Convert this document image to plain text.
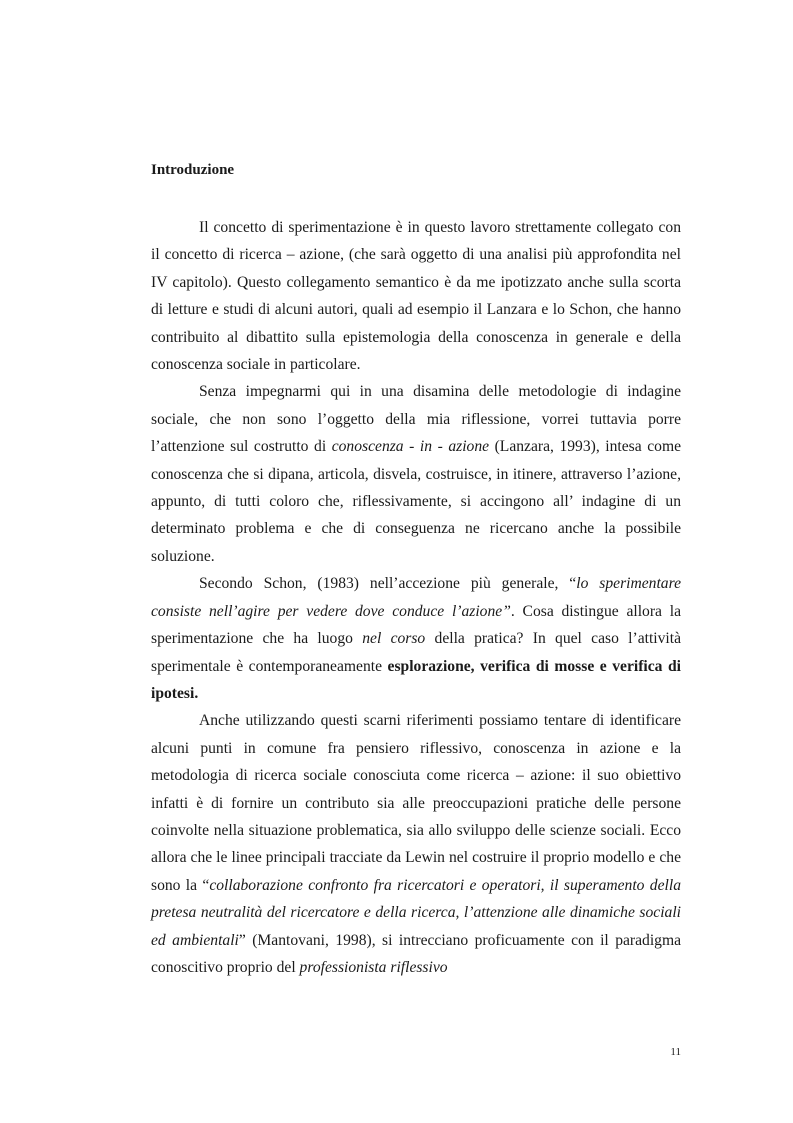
Introduzione

Il concetto di sperimentazione è in questo lavoro strettamente collegato con il concetto di ricerca – azione, (che sarà oggetto di una analisi più approfondita nel IV capitolo). Questo collegamento semantico è da me ipotizzato anche sulla scorta di letture e studi di alcuni autori, quali ad esempio il Lanzara e lo Schon, che hanno contribuito al dibattito sulla epistemologia della conoscenza in generale e della conoscenza sociale in particolare.

Senza impegnarmi qui in una disamina delle metodologie di indagine sociale, che non sono l’oggetto della mia riflessione, vorrei tuttavia porre l’attenzione sul costrutto di conoscenza - in - azione (Lanzara, 1993), intesa come conoscenza che si dipana, articola, disvela, costruisce, in itinere, attraverso l’azione, appunto, di tutti coloro che, riflessivamente, si accingono all’ indagine di un determinato problema e che di conseguenza ne ricercano anche la possibile soluzione.

Secondo Schon, (1983) nell’accezione più generale, “lo sperimentare consiste nell’agire per vedere dove conduce l’azione”. Cosa distingue allora la sperimentazione che ha luogo nel corso della pratica? In quel caso l’attività sperimentale è contemporaneamente esplorazione, verifica di mosse e verifica di ipotesi.

Anche utilizzando questi scarni riferimenti possiamo tentare di identificare alcuni punti in comune fra pensiero riflessivo, conoscenza in azione e la metodologia di ricerca sociale conosciuta come ricerca – azione: il suo obiettivo infatti è di fornire un contributo sia alle preoccupazioni pratiche delle persone coinvolte nella situazione problematica, sia allo sviluppo delle scienze sociali. Ecco allora che le linee principali tracciate da Lewin nel costruire il proprio modello e che sono la “collaborazione confronto fra ricercatori e operatori, il superamento della pretesa neutralità del ricercatore e della ricerca, l’attenzione alle dinamiche sociali ed ambientali” (Mantovani, 1998), si intrecciano proficuamente con il paradigma conoscitivo proprio del professionista riflessivo

11
